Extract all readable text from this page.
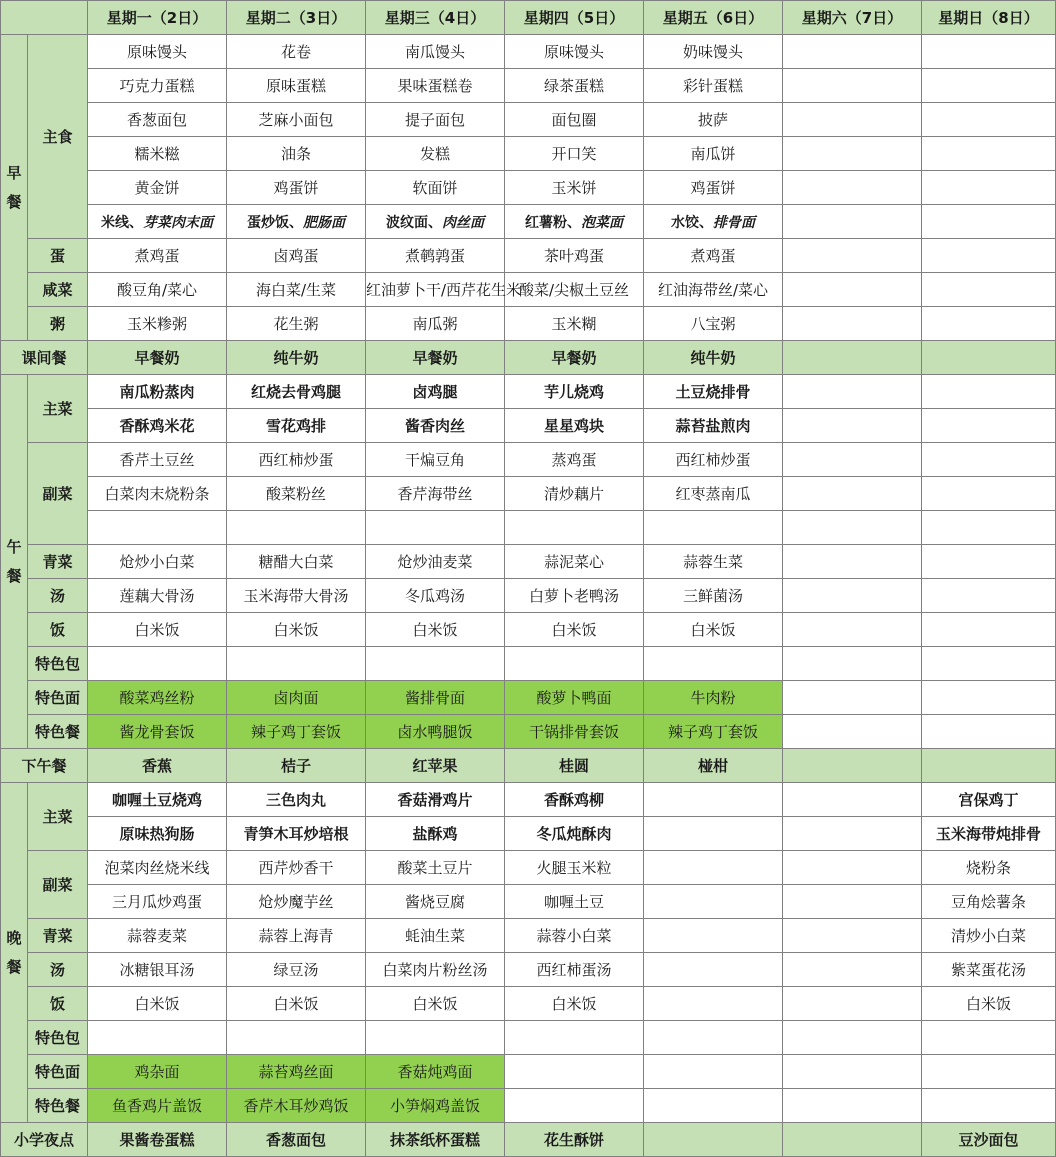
		星期一（2日）	星期二（3日）	星期三（4日）	星期四（5日）	星期五（6日）	星期六（7日）	星期日（8日）
早
餐	主食	原味馒头	花卷	南瓜馒头	原味馒头	奶味馒头		
		巧克力蛋糕	原味蛋糕	果味蛋糕卷	绿茶蛋糕	彩针蛋糕		
		香葱面包	芝麻小面包	提子面包	面包圈	披萨		
		糯米糍	油条	发糕	开口笑	南瓜饼		
		黄金饼	鸡蛋饼	软面饼	玉米饼	鸡蛋饼		
		米线、芽菜肉末面	蛋炒饭、肥肠面	波纹面、肉丝面	红薯粉、泡菜面	水饺、排骨面		
	蛋	煮鸡蛋	卤鸡蛋	煮鹌鹑蛋	茶叶鸡蛋	煮鸡蛋		
	咸菜	酸豆角/菜心	海白菜/生菜	红油萝卜干/西芹花生米	酸菜/尖椒土豆丝	红油海带丝/菜心		
	粥	玉米糁粥	花生粥	南瓜粥	玉米糊	八宝粥		
课间餐		早餐奶	纯牛奶	早餐奶	早餐奶	纯牛奶		
午
餐	主菜	南瓜粉蒸肉	红烧去骨鸡腿	卤鸡腿	芋儿烧鸡	土豆烧排骨		
		香酥鸡米花	雪花鸡排	酱香肉丝	星星鸡块	蒜苔盐煎肉		
	副菜	香芹土豆丝	西红柿炒蛋	干煸豆角	蒸鸡蛋	西红柿炒蛋		
		白菜肉末烧粉条	酸菜粉丝	香芹海带丝	清炒藕片	红枣蒸南瓜		

	青菜	炝炒小白菜	糖醋大白菜	炝炒油麦菜	蒜泥菜心	蒜蓉生菜		
	汤	莲藕大骨汤	玉米海带大骨汤	冬瓜鸡汤	白萝卜老鸭汤	三鲜菌汤		
	饭	白米饭	白米饭	白米饭	白米饭	白米饭		
	特色包							
	特色面	酸菜鸡丝粉	卤肉面	酱排骨面	酸萝卜鸭面	牛肉粉		
	特色餐	酱龙骨套饭	辣子鸡丁套饭	卤水鸭腿饭	干锅排骨套饭	辣子鸡丁套饭		
下午餐		香蕉	桔子	红苹果	桂圆	椪柑		
晚
餐	主菜	咖喱土豆烧鸡	三色肉丸	香菇滑鸡片	香酥鸡柳			宫保鸡丁
		原味热狗肠	青笋木耳炒培根	盐酥鸡	冬瓜炖酥肉			玉米海带炖排骨
	副菜	泡菜肉丝烧米线	西芹炒香干	酸菜土豆片	火腿玉米粒			烧粉条
		三月瓜炒鸡蛋	炝炒魔芋丝	酱烧豆腐	咖喱土豆			豆角烩薯条
	青菜	蒜蓉麦菜	蒜蓉上海青	蚝油生菜	蒜蓉小白菜			清炒小白菜
	汤	冰糖银耳汤	绿豆汤	白菜肉片粉丝汤	西红柿蛋汤			紫菜蛋花汤
	饭	白米饭	白米饭	白米饭	白米饭			白米饭
	特色包							
	特色面	鸡杂面	蒜苔鸡丝面	香菇炖鸡面				
	特色餐	鱼香鸡片盖饭	香芹木耳炒鸡饭	小笋焖鸡盖饭				
小学夜点		果酱卷蛋糕	香葱面包	抹茶纸杯蛋糕	花生酥饼			豆沙面包
